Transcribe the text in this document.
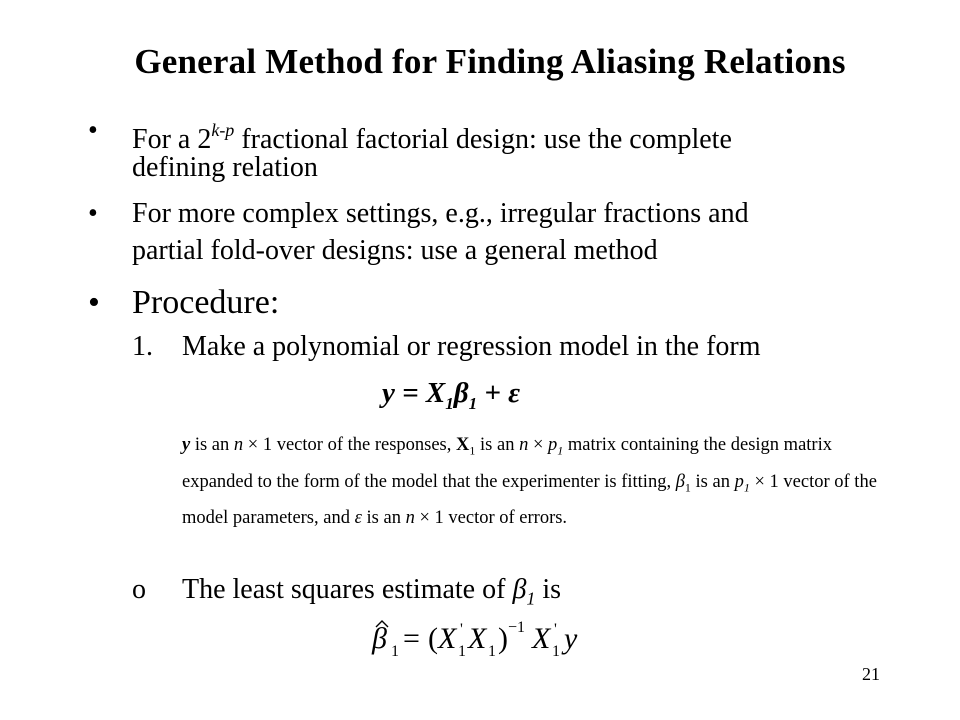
General Method for Finding Aliasing Relations
• For a 2$^{k-p}$ fractional factorial design: use the complete
defining relation
• For more complex settings, e.g., irregular fractions and
partial fold-over designs: use a general method
• Procedure:
1. Make a polynomial or regression model in the form
$y = X_1\beta_1 + \varepsilon$
y is an n × 1 vector of the responses, $X_1$ is an $n \times p_1$ matrix containing the design matrix expanded to the form of the model that the experimenter is fitting, $\beta_1$ is an $p_1 \times 1$ vector of the model parameters, and ε is an n × 1 vector of errors.
o The least squares estimate of $\beta_1$ is
β 1 = ( X '
1 X 1 ) −1 X '
1 y
21
